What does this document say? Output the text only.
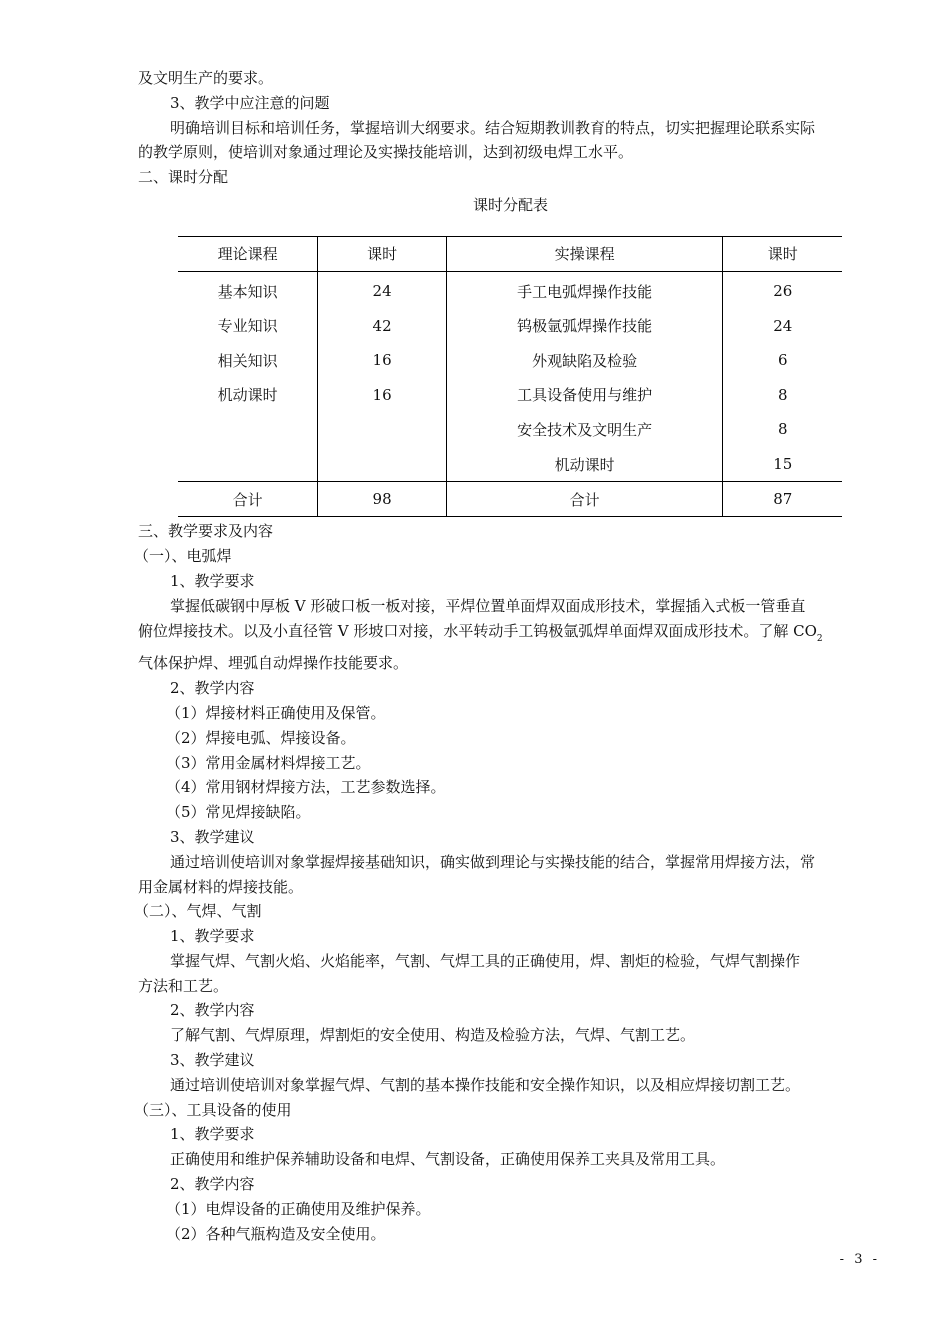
及文明生产的要求。

3、教学中应注意的问题

明确培训目标和培训任务，掌握培训大纲要求。结合短期教训教育的特点，切实把握理论联系实际

的教学原则，使培训对象通过理论及实操技能培训，达到初级电焊工水平。

二、课时分配

课时分配表

理论课程	课时	实操课程	课时
基本知识	24	手工电弧焊操作技能	26
专业知识	42	钨极氩弧焊操作技能	24
相关知识	16	外观缺陷及检验	6
机动课时	16	工具设备使用与维护	8
		安全技术及文明生产	8
		机动课时	15
合计	98	合计	87

三、教学要求及内容

（一）、电弧焊

1、教学要求

掌握低碳钢中厚板 V 形破口板一板对接，平焊位置单面焊双面成形技术，掌握插入式板一管垂直

俯位焊接技术。以及小直径管 V 形坡口对接，水平转动手工钨极氩弧焊单面焊双面成形技术。了解 $CO_2$

气体保护焊、埋弧自动焊操作技能要求。

2、教学内容

（1）焊接材料正确使用及保管。

（2）焊接电弧、焊接设备。

（3）常用金属材料焊接工艺。

（4）常用钢材焊接方法，工艺参数选择。

（5）常见焊接缺陷。

3、教学建议

通过培训使培训对象掌握焊接基础知识，确实做到理论与实操技能的结合，掌握常用焊接方法，常

用金属材料的焊接技能。

（二）、气焊、气割

1、教学要求

掌握气焊、气割火焰、火焰能率，气割、气焊工具的正确使用，焊、割炬的检验，气焊气割操作

方法和工艺。

2、教学内容

了解气割、气焊原理，焊割炬的安全使用、构造及检验方法，气焊、气割工艺。

3、教学建议

通过培训使培训对象掌握气焊、气割的基本操作技能和安全操作知识，以及相应焊接切割工艺。

（三）、工具设备的使用

1、教学要求

正确使用和维护保养辅助设备和电焊、气割设备，正确使用保养工夹具及常用工具。

2、教学内容

（1）电焊设备的正确使用及维护保养。

（2）各种气瓶构造及安全使用。

- 3 -
